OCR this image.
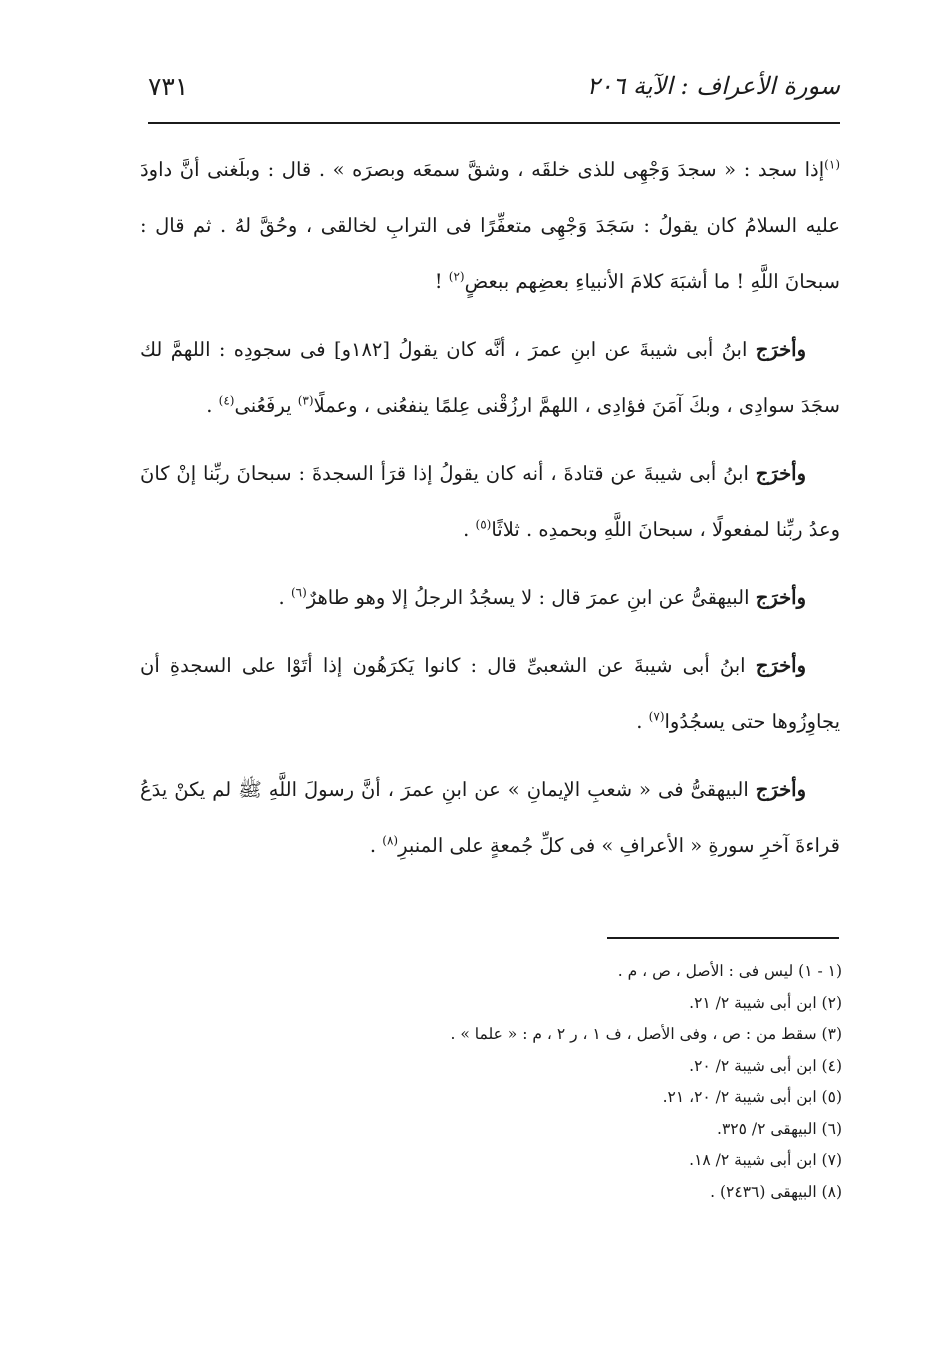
سورة الأعراف : الآية ٢٠٦
٧٣١

$^{(١)}$إذا سجد : « سجدَ وَجْهِى للذى خلقَه ، وشقَّ سمعَه وبصرَه » . قال : وبلَغنى أنَّ داودَ عليه السلامُ كان يقولُ : سَجَدَ وَجْهِى متعفِّرًا فى الترابِ لخالقى ، وحُقَّ لهُ . ثم قال : سبحانَ اللَّهِ ! ما أشبَهَ كلامَ الأنبياءِ بعضِهم ببعضٍ$^{(٢)}$ !

وأخرَج ابنُ أبى شيبةَ عن ابنِ عمرَ ، أنَّه كان يقولُ [١٨٢و] فى سجودِه : اللهمَّ لك سجَدَ سوادِى ، وبكَ آمَنَ فؤادِى ، اللهمَّ ارزُقْنى عِلمًا ينفعُنى ، وعملًا$^{(٣)}$ يرفَعُنى$^{(٤)}$ .

وأخرَج ابنُ أبى شيبةَ عن قتادةَ ، أنه كان يقولُ إذا قرَأ السجدةَ : سبحانَ ربِّنا إنْ كانَ وعدُ ربِّنا لمفعولًا ، سبحانَ اللَّهِ وبحمدِه . ثلاثًا$^{(٥)}$ .

وأخرَج البيهقىُّ عن ابنِ عمرَ قال : لا يسجُدُ الرجلُ إلا وهو طاهرٌ$^{(٦)}$ .

وأخرَج ابنُ أبى شيبةَ عن الشعبىِّ قال : كانوا يَكرَهُون إذا أتَوْا على السجدةِ أن يجاوِزُوها حتى يسجُدُوا$^{(٧)}$ .

وأخرَج البيهقىُّ فى « شعبِ الإيمانِ » عن ابنِ عمرَ ، أنَّ رسولَ اللَّهِ ﷺ لم يكنْ يدَعُ قراءةَ آخرِ سورةِ « الأعرافِ » فى كلِّ جُمعةٍ على المنبرِ$^{(٨)}$ .

(١ - ١) ليس فى : الأصل ، ص ، م .

(٢) ابن أبى شيبة ٢/ ٢١.

(٣) سقط من : ص ، وفى الأصل ، ف ١ ، ر ٢ ، م : « علما » .

(٤) ابن أبى شيبة ٢/ ٢٠.

(٥) ابن أبى شيبة ٢/ ٢٠، ٢١.

(٦) البيهقى ٢/ ٣٢٥.

(٧) ابن أبى شيبة ٢/ ١٨.

(٨) البيهقى (٢٤٣٦) .
